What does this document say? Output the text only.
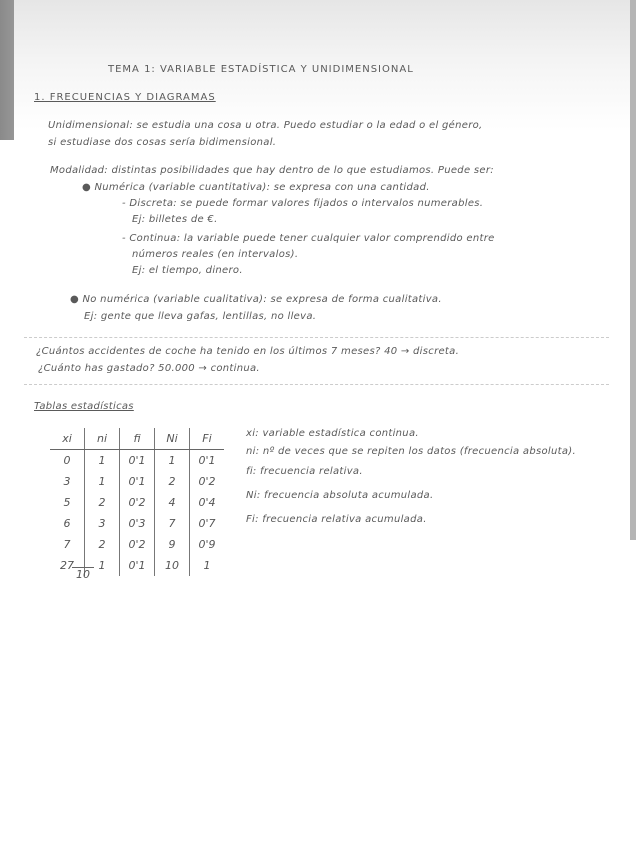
TEMA 1: VARIABLE ESTADÍSTICA Y UNIDIMENSIONAL
1. FRECUENCIAS Y DIAGRAMAS
Unidimensional: se estudia una cosa u otra. Puedo estudiar o la edad o el género,
si estudiase dos cosas sería bidimensional.
Modalidad: distintas posibilidades que hay dentro de lo que estudiamos. Puede ser:
● Numérica (variable cuantitativa): se expresa con una cantidad.
- Discreta: se puede formar valores fijados o intervalos numerables.
Ej: billetes de €.
- Continua: la variable puede tener cualquier valor comprendido entre
números reales (en intervalos).
Ej: el tiempo, dinero.
● No numérica (variable cualitativa): se expresa de forma cualitativa.
Ej: gente que lleva gafas, lentillas, no lleva.
¿Cuántos accidentes de coche ha tenido en los últimos 7 meses? 40 → discreta.
¿Cuánto has gastado? 50.000 → continua.
Tablas estadísticas
xi	ni	fi	Ni	Fi
0	1	0'1	1	0'1
3	1	0'1	2	0'2
5	2	0'2	4	0'4
6	3	0'3	7	0'7
7	2	0'2	9	0'9
27	1	0'1	10	1
10
xi: variable estadística continua.
ni: nº de veces que se repiten los datos (frecuencia absoluta).
fi: frecuencia relativa.
Ni: frecuencia absoluta acumulada.
Fi: frecuencia relativa acumulada.
